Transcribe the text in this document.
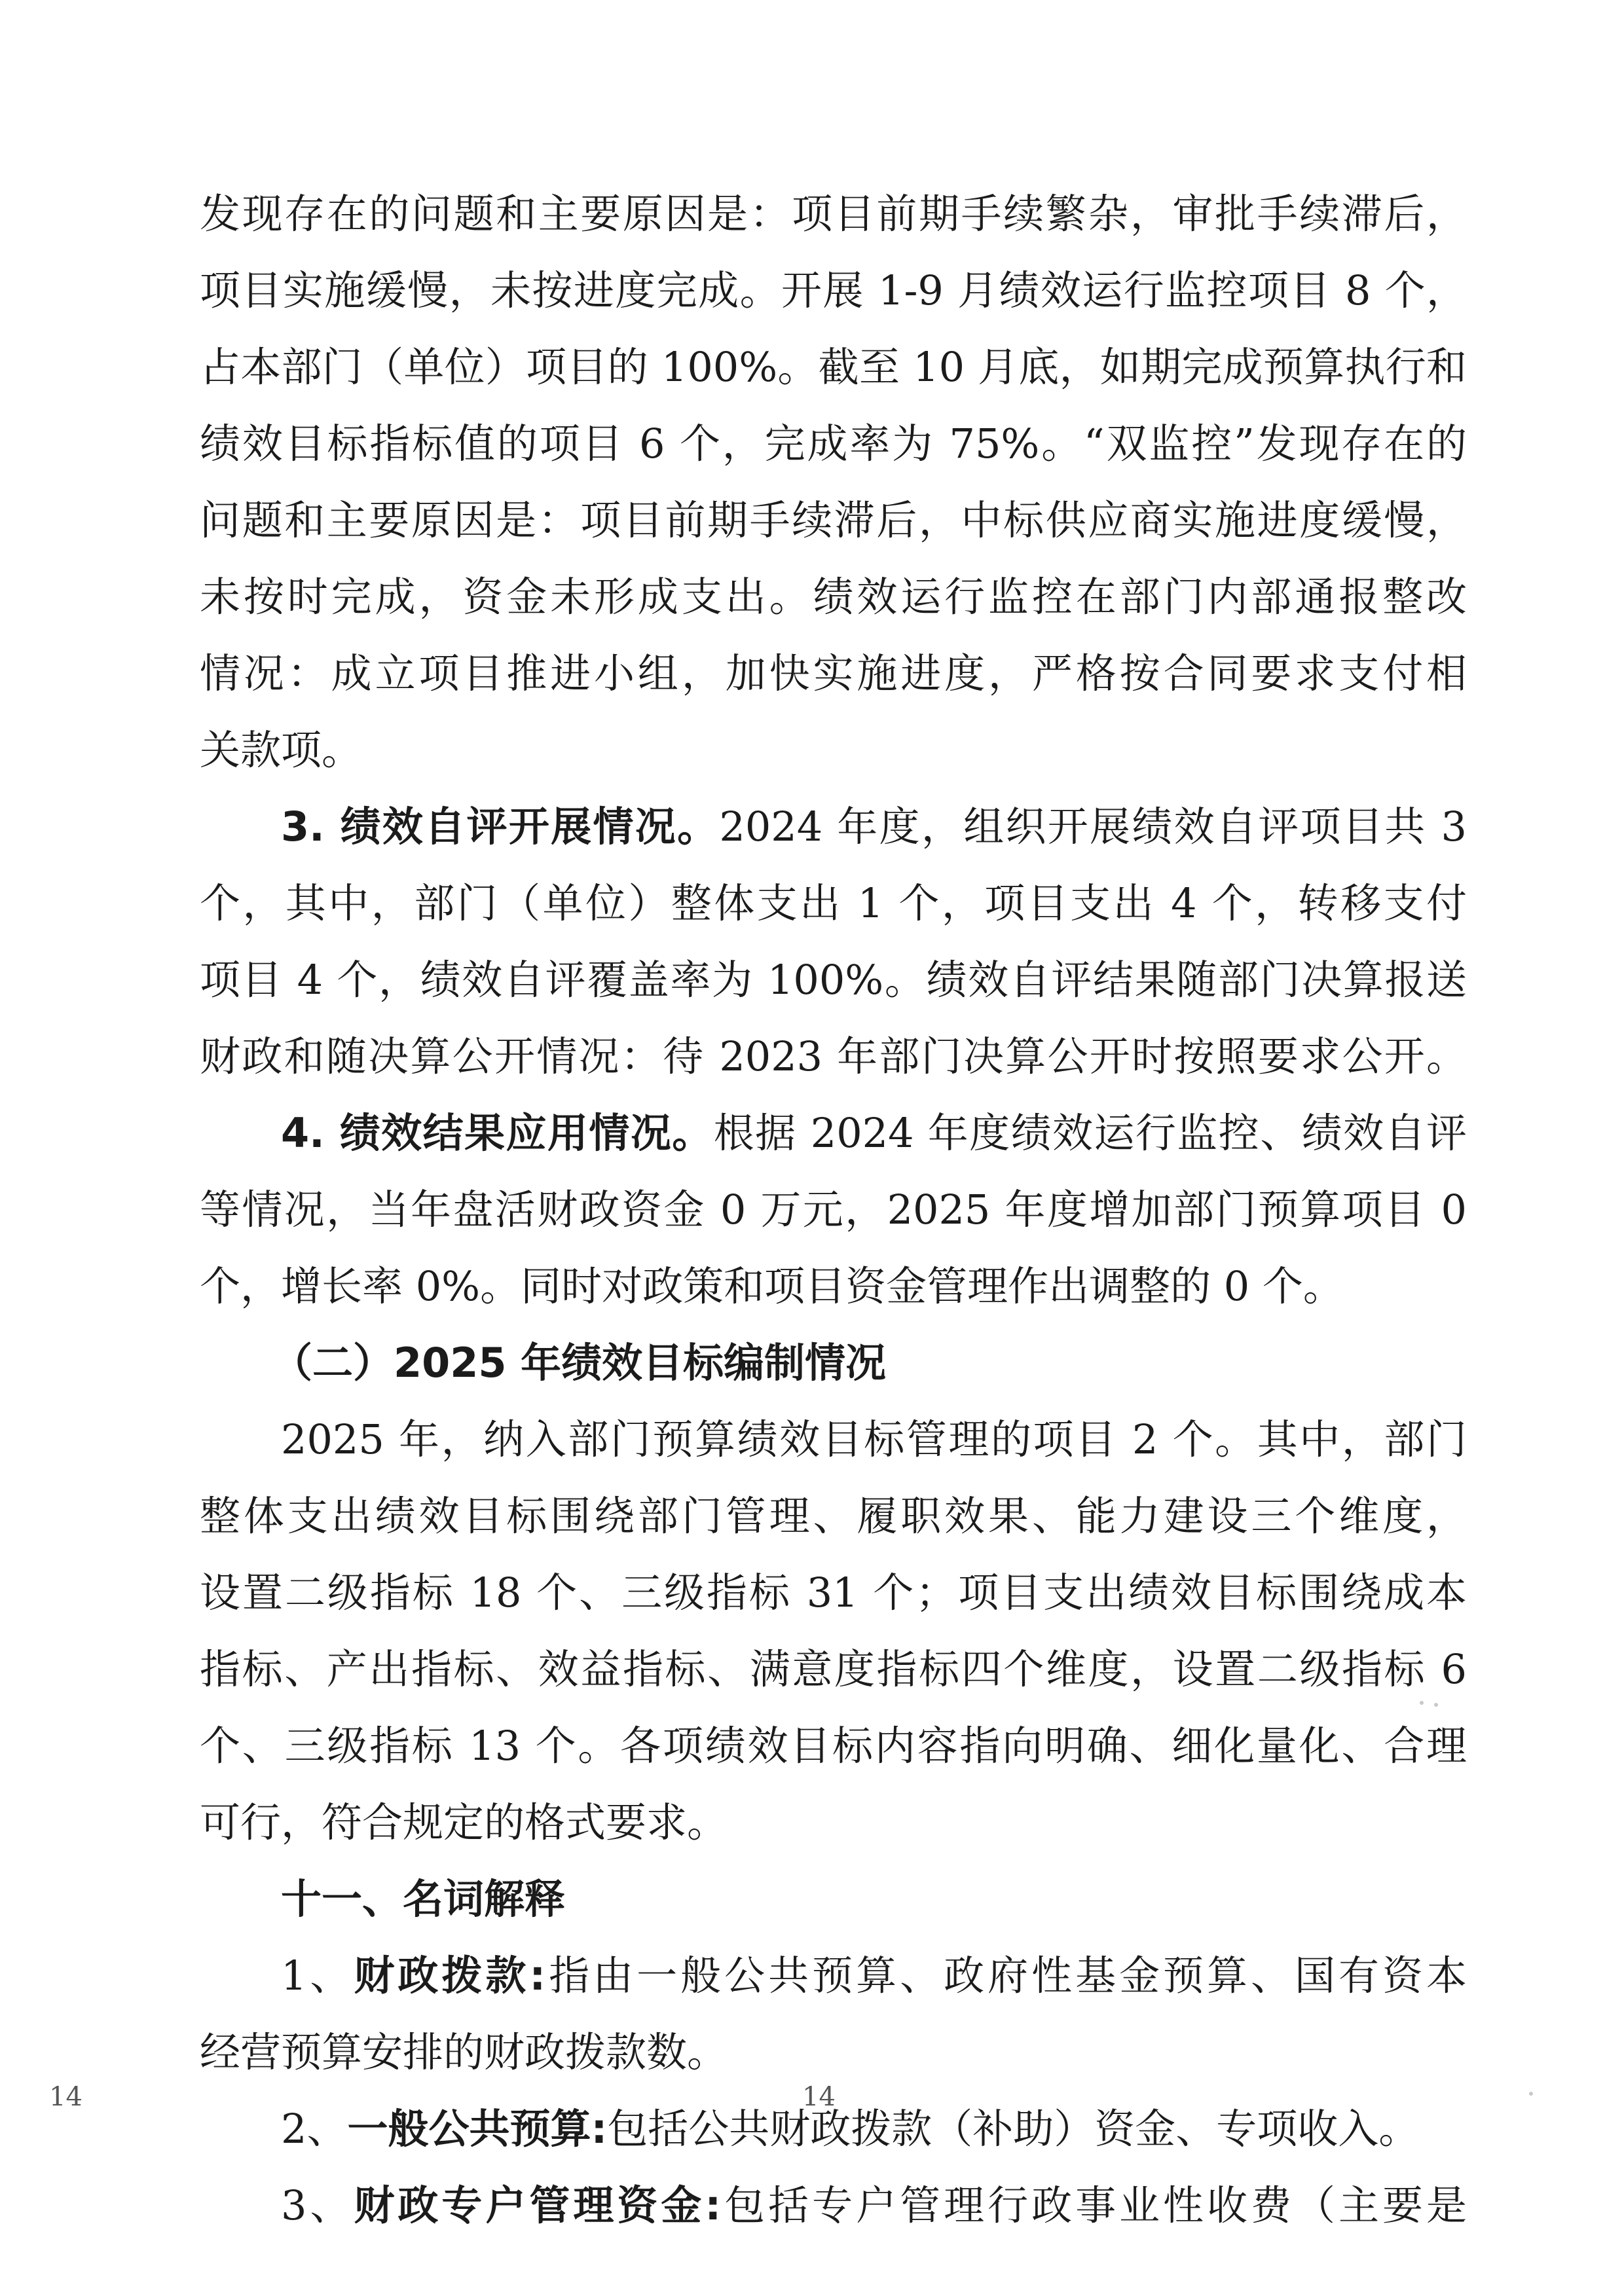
发现存在的问题和主要原因是：项目前期手续繁杂，审批手续滞后，
项目实施缓慢，未按进度完成。开展 1-9 月绩效运行监控项目 8 个，
占本部门（单位）项目的 100%。截至 10 月底，如期完成预算执行和
绩效目标指标值的项目 6 个，完成率为 75%。“双监控”发现存在的
问题和主要原因是：项目前期手续滞后，中标供应商实施进度缓慢，
未按时完成，资金未形成支出。绩效运行监控在部门内部通报整改
情况：成立项目推进小组，加快实施进度，严格按合同要求支付相
关款项。
3. 绩效自评开展情况。2024 年度，组织开展绩效自评项目共 3
个，其中，部门（单位）整体支出 1 个，项目支出 4 个，转移支付
项目 4 个，绩效自评覆盖率为 100%。绩效自评结果随部门决算报送
财政和随决算公开情况：待 2023 年部门决算公开时按照要求公开。
4. 绩效结果应用情况。根据 2024 年度绩效运行监控、绩效自评
等情况，当年盘活财政资金 0 万元，2025 年度增加部门预算项目 0
个，增长率 0%。同时对政策和项目资金管理作出调整的 0 个。
（二）2025 年绩效目标编制情况
2025 年，纳入部门预算绩效目标管理的项目 2 个。其中，部门
整体支出绩效目标围绕部门管理、履职效果、能力建设三个维度，
设置二级指标 18 个、三级指标 31 个；项目支出绩效目标围绕成本
指标、产出指标、效益指标、满意度指标四个维度，设置二级指标 6
个、三级指标 13 个。各项绩效目标内容指向明确、细化量化、合理
可行，符合规定的格式要求。
十一、名词解释
1、财政拨款:指由一般公共预算、政府性基金预算、国有资本
经营预算安排的财政拨款数。
2、一般公共预算:包括公共财政拨款（补助）资金、专项收入。
3、财政专户管理资金:包括专户管理行政事业性收费（主要是
14	14
